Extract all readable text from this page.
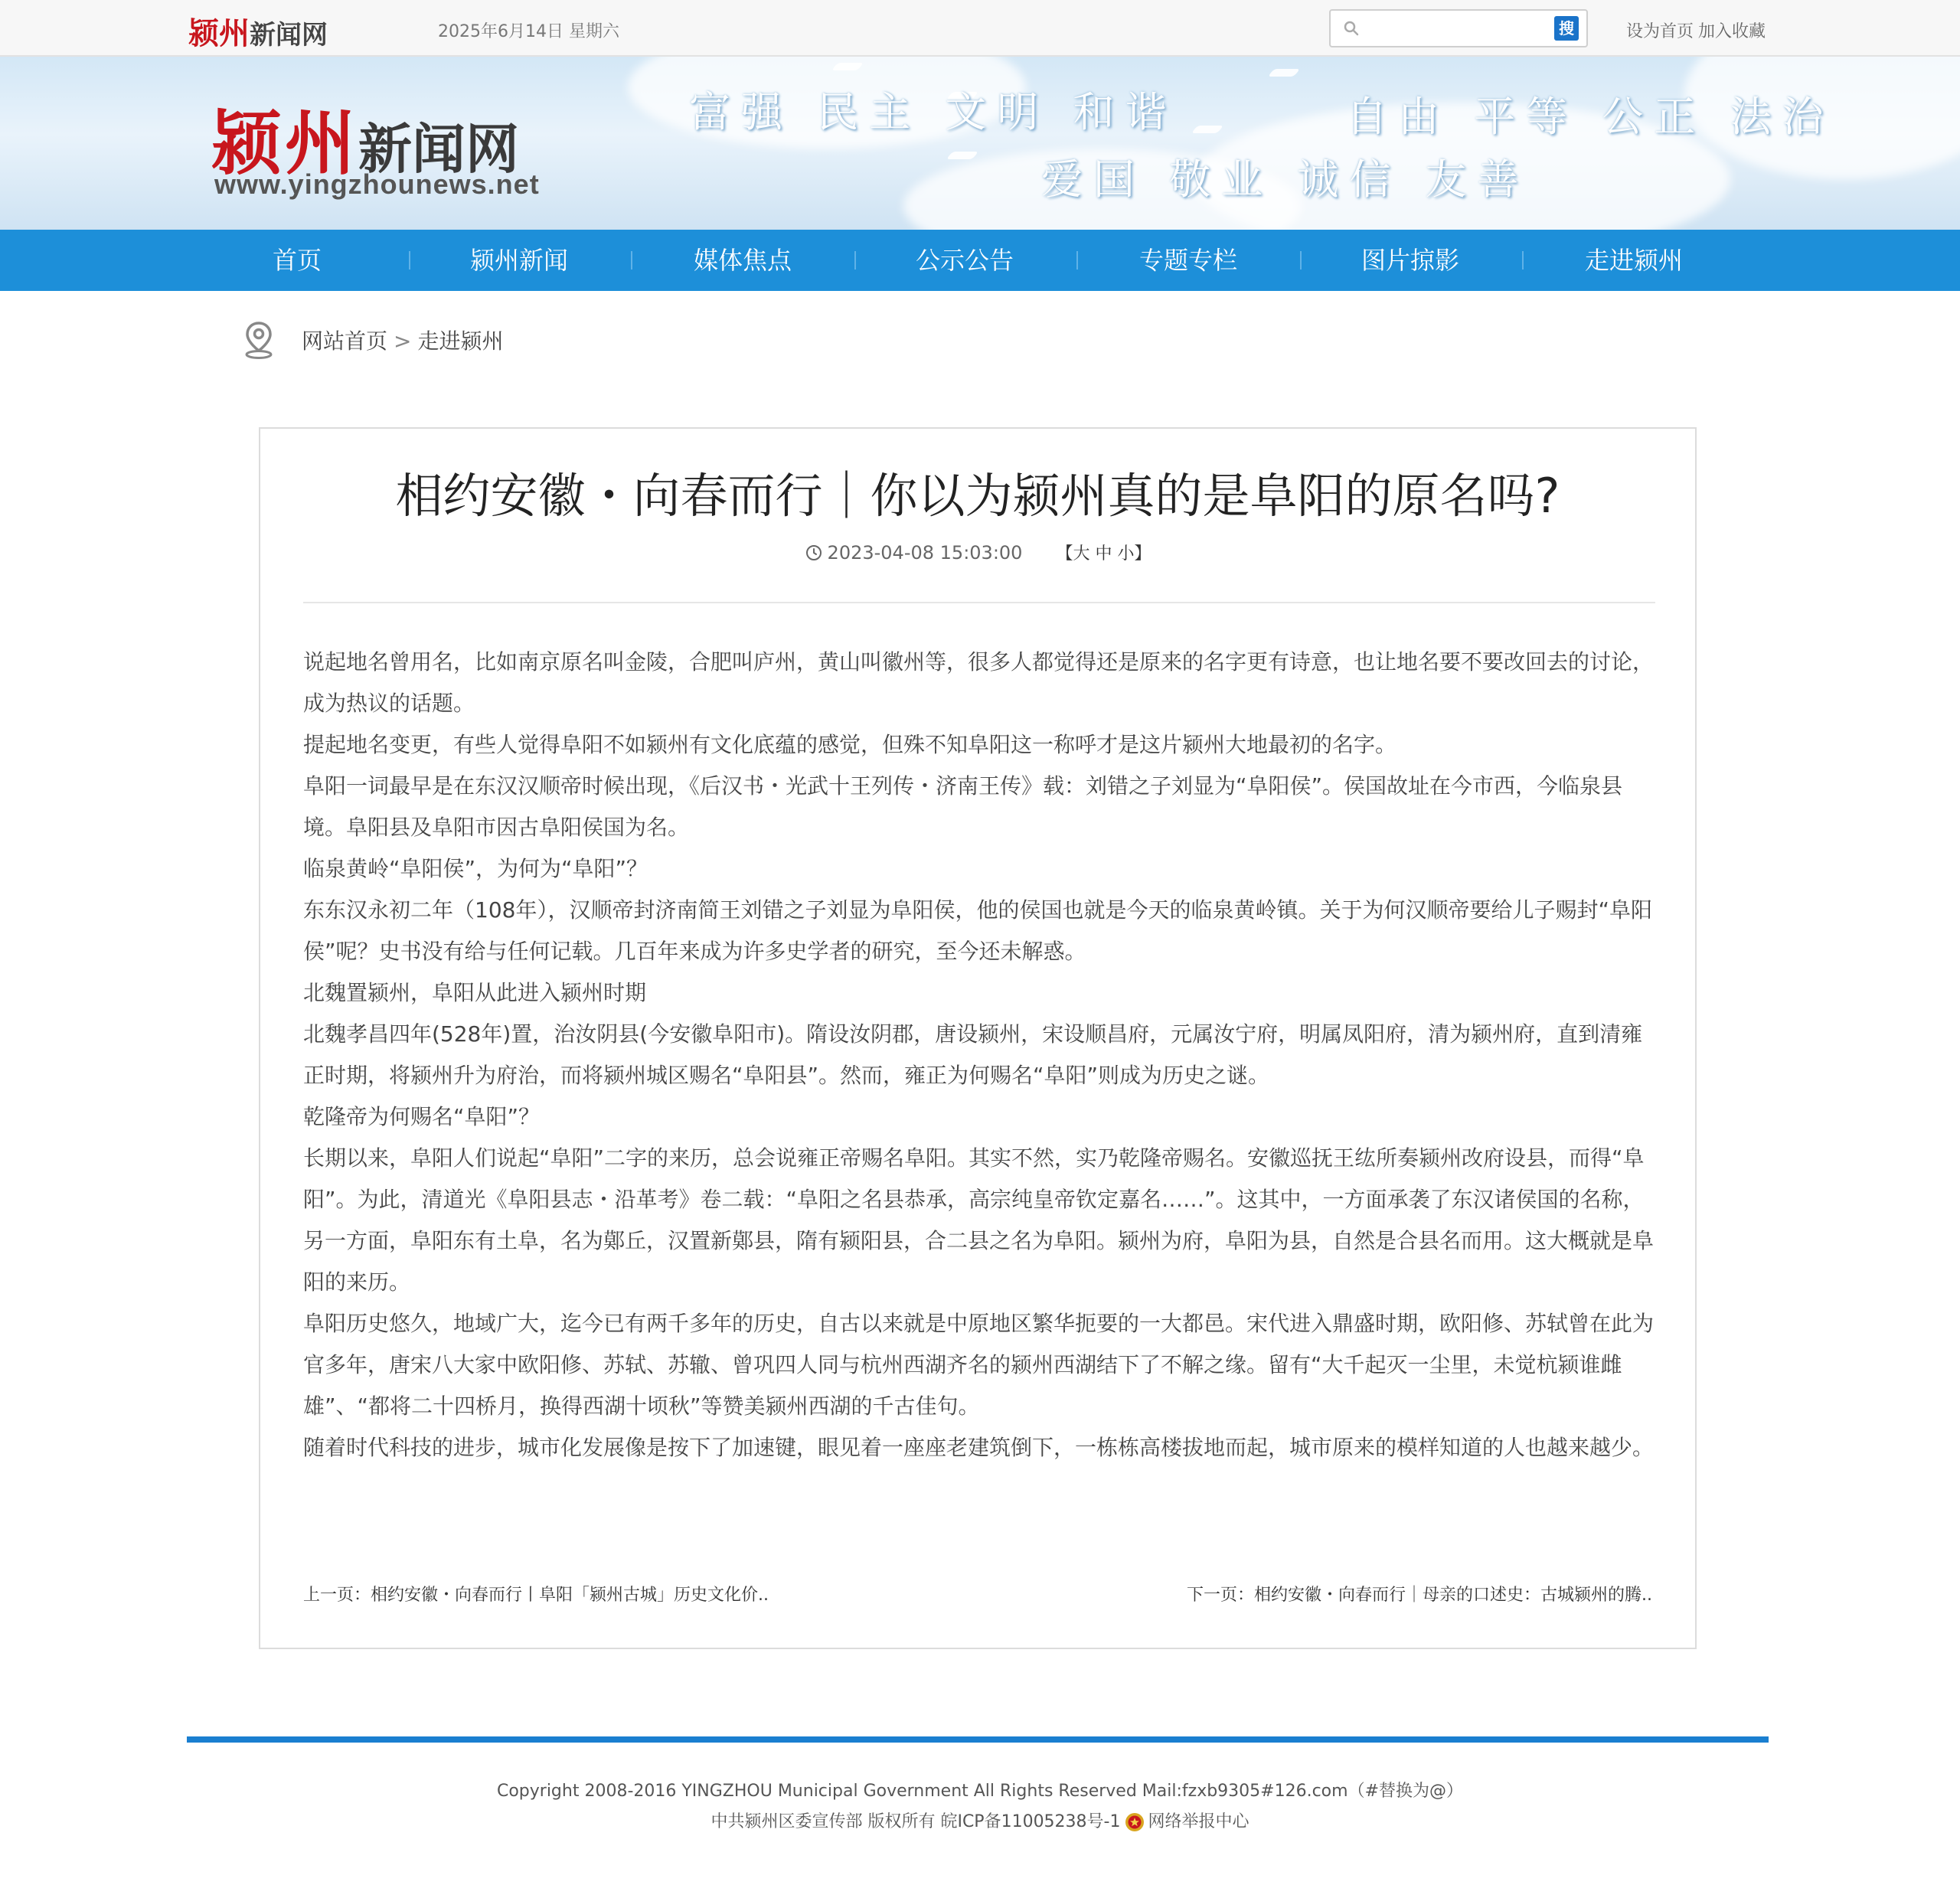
颍州新闻网	2025年6月14日 星期六	搜	设为首页 加入收藏
颍州新闻网
www.yingzhounews.net
富强 民主 文明 和谐	自由 平等 公正 法治
爱国 敬业 诚信 友善
首页	颍州新闻	媒体焦点	公示公告	专题专栏	图片掠影	走进颍州
网站首页 > 走进颍州
相约安徽・向春而行｜你以为颍州真的是阜阳的原名吗?
2023-04-08 15:03:00 【大 中 小】

说起地名曾用名，比如南京原名叫金陵，合肥叫庐州，黄山叫徽州等，很多人都觉得还是原来的名字更有诗意，也让地名要不要改回去的讨论，成为热议的话题。

提起地名变更，有些人觉得阜阳不如颍州有文化底蕴的感觉，但殊不知阜阳这一称呼才是这片颍州大地最初的名字。

阜阳一词最早是在东汉汉顺帝时候出现，《后汉书・光武十王列传・济南王传》载：刘错之子刘显为“阜阳侯”。侯国故址在今市西，今临泉县境。阜阳县及阜阳市因古阜阳侯国为名。

临泉黄岭“阜阳侯”，为何为“阜阳”？

东东汉永初二年（108年），汉顺帝封济南简王刘错之子刘显为阜阳侯，他的侯国也就是今天的临泉黄岭镇。关于为何汉顺帝要给儿子赐封“阜阳侯”呢？史书没有给与任何记载。几百年来成为许多史学者的研究，至今还未解惑。

北魏置颍州，阜阳从此进入颍州时期

北魏孝昌四年(528年)置，治汝阴县(今安徽阜阳市)。隋设汝阴郡，唐设颍州，宋设顺昌府，元属汝宁府，明属凤阳府，清为颍州府，直到清雍正时期，将颍州升为府治，而将颍州城区赐名“阜阳县”。然而，雍正为何赐名“阜阳”则成为历史之谜。

乾隆帝为何赐名“阜阳”？

长期以来，阜阳人们说起“阜阳”二字的来历，总会说雍正帝赐名阜阳。其实不然，实乃乾隆帝赐名。安徽巡抚王纮所奏颍州改府设县，而得“阜阳”。为此，清道光《阜阳县志・沿革考》卷二载：“阜阳之名县恭承，高宗纯皇帝钦定嘉名……”。这其中，一方面承袭了东汉诸侯国的名称，另一方面，阜阳东有土阜，名为鄚丘，汉置新鄚县，隋有颍阳县，合二县之名为阜阳。颍州为府，阜阳为县，自然是合县名而用。这大概就是阜阳的来历。

阜阳历史悠久，地域广大，迄今已有两千多年的历史，自古以来就是中原地区繁华扼要的一大都邑。宋代进入鼎盛时期，欧阳修、苏轼曾在此为官多年，唐宋八大家中欧阳修、苏轼、苏辙、曾巩四人同与杭州西湖齐名的颍州西湖结下了不解之缘。留有“大千起灭一尘里，未觉杭颍谁雌雄”、“都将二十四桥月，换得西湖十顷秋”等赞美颍州西湖的千古佳句。

随着时代科技的进步，城市化发展像是按下了加速键，眼见着一座座老建筑倒下，一栋栋高楼拔地而起，城市原来的模样知道的人也越来越少。

上一页：相约安徽・向春而行丨阜阳「颍州古城」历史文化价..	下一页：相约安徽・向春而行｜母亲的口述史：古城颍州的腾..
Copyright 2008-2016 YINGZHOU Municipal Government All Rights Reserved Mail:fzxb9305#126.com（#替换为@）
中共颍州区委宣传部 版权所有 皖ICP备11005238号-1 网络举报中心
